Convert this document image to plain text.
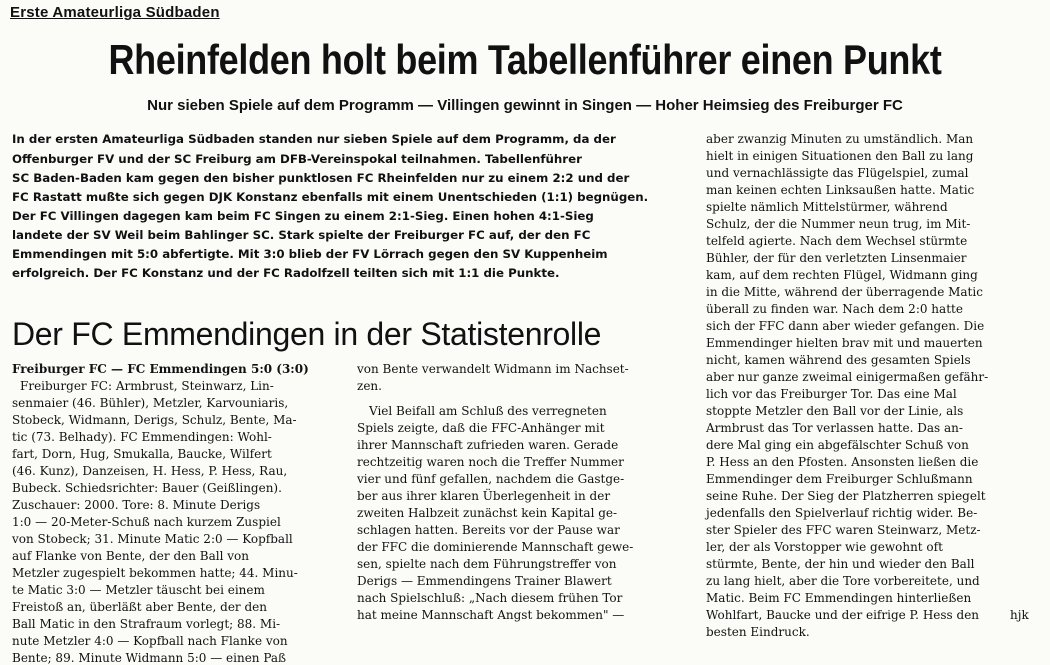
Erste Amateurliga Südbaden
Rheinfelden holt beim Tabellenführer einen Punkt
Nur sieben Spiele auf dem Programm — Villingen gewinnt in Singen — Hoher Heimsieg des Freiburger FC
In der ersten Amateurliga Südbaden standen nur sieben Spiele auf dem Programm, da der
Offenburger FV und der SC Freiburg am DFB-Vereinspokal teilnahmen. Tabellenführer
SC Baden-Baden kam gegen den bisher punktlosen FC Rheinfelden nur zu einem 2:2 und der
FC Rastatt mußte sich gegen DJK Konstanz ebenfalls mit einem Unentschieden (1:1) begnügen.
Der FC Villingen dagegen kam beim FC Singen zu einem 2:1-Sieg. Einen hohen 4:1-Sieg
landete der SV Weil beim Bahlinger SC. Stark spielte der Freiburger FC auf, der den FC
Emmendingen mit 5:0 abfertigte. Mit 3:0 blieb der FV Lörrach gegen den SV Kuppenheim
erfolgreich. Der FC Konstanz und der FC Radolfzell teilten sich mit 1:1 die Punkte.
Der FC Emmendingen in der Statistenrolle
Freiburger FC — FC Emmendingen 5:0 (3:0)
Freiburger FC: Armbrust, Steinwarz, Lin-
senmaier (46. Bühler), Metzler, Karvouniaris,
Stobeck, Widmann, Derigs, Schulz, Bente, Ma-
tic (73. Belhady). FC Emmendingen: Wohl-
fart, Dorn, Hug, Smukalla, Baucke, Wilfert
(46. Kunz), Danzeisen, H. Hess, P. Hess, Rau,
Bubeck. Schiedsrichter: Bauer (Geißlingen).
Zuschauer: 2000. Tore: 8. Minute Derigs
1:0 — 20-Meter-Schuß nach kurzem Zuspiel
von Stobeck; 31. Minute Matic 2:0 — Kopfball
auf Flanke von Bente, der den Ball von
Metzler zugespielt bekommen hatte; 44. Minu-
te Matic 3:0 — Metzler täuscht bei einem
Freistoß an, überläßt aber Bente, der den
Ball Matic in den Strafraum vorlegt; 88. Mi-
nute Metzler 4:0 — Kopfball nach Flanke von
Bente; 89. Minute Widmann 5:0 — einen Paß
von Bente verwandelt Widmann im Nachset-
zen.
Viel Beifall am Schluß des verregneten
Spiels zeigte, daß die FFC-Anhänger mit
ihrer Mannschaft zufrieden waren. Gerade
rechtzeitig waren noch die Treffer Nummer
vier und fünf gefallen, nachdem die Gastge-
ber aus ihrer klaren Überlegenheit in der
zweiten Halbzeit zunächst kein Kapital ge-
schlagen hatten. Bereits vor der Pause war
der FFC die dominierende Mannschaft gewe-
sen, spielte nach dem Führungstreffer von
Derigs — Emmendingens Trainer Blawert
nach Spielschluß: „Nach diesem frühen Tor
hat meine Mannschaft Angst bekommen" —
aber zwanzig Minuten zu umständlich. Man
hielt in einigen Situationen den Ball zu lang
und vernachlässigte das Flügelspiel, zumal
man keinen echten Linksaußen hatte. Matic
spielte nämlich Mittelstürmer, während
Schulz, der die Nummer neun trug, im Mit-
telfeld agierte. Nach dem Wechsel stürmte
Bühler, der für den verletzten Linsenmaier
kam, auf dem rechten Flügel, Widmann ging
in die Mitte, während der überragende Matic
überall zu finden war. Nach dem 2:0 hatte
sich der FFC dann aber wieder gefangen. Die
Emmendinger hielten brav mit und mauerten
nicht, kamen während des gesamten Spiels
aber nur ganze zweimal einigermaßen gefähr-
lich vor das Freiburger Tor. Das eine Mal
stoppte Metzler den Ball vor der Linie, als
Armbrust das Tor verlassen hatte. Das an-
dere Mal ging ein abgefälschter Schuß von
P. Hess an den Pfosten. Ansonsten ließen die
Emmendinger dem Freiburger Schlußmann
seine Ruhe. Der Sieg der Platzherren spiegelt
jedenfalls den Spielverlauf richtig wider. Be-
ster Spieler des FFC waren Steinwarz, Metz-
ler, der als Vorstopper wie gewohnt oft
stürmte, Bente, der hin und wieder den Ball
zu lang hielt, aber die Tore vorbereitete, und
Matic. Beim FC Emmendingen hinterließen
Wohlfart, Baucke und der eifrige P. Hess den
besten Eindruck.
hjk
